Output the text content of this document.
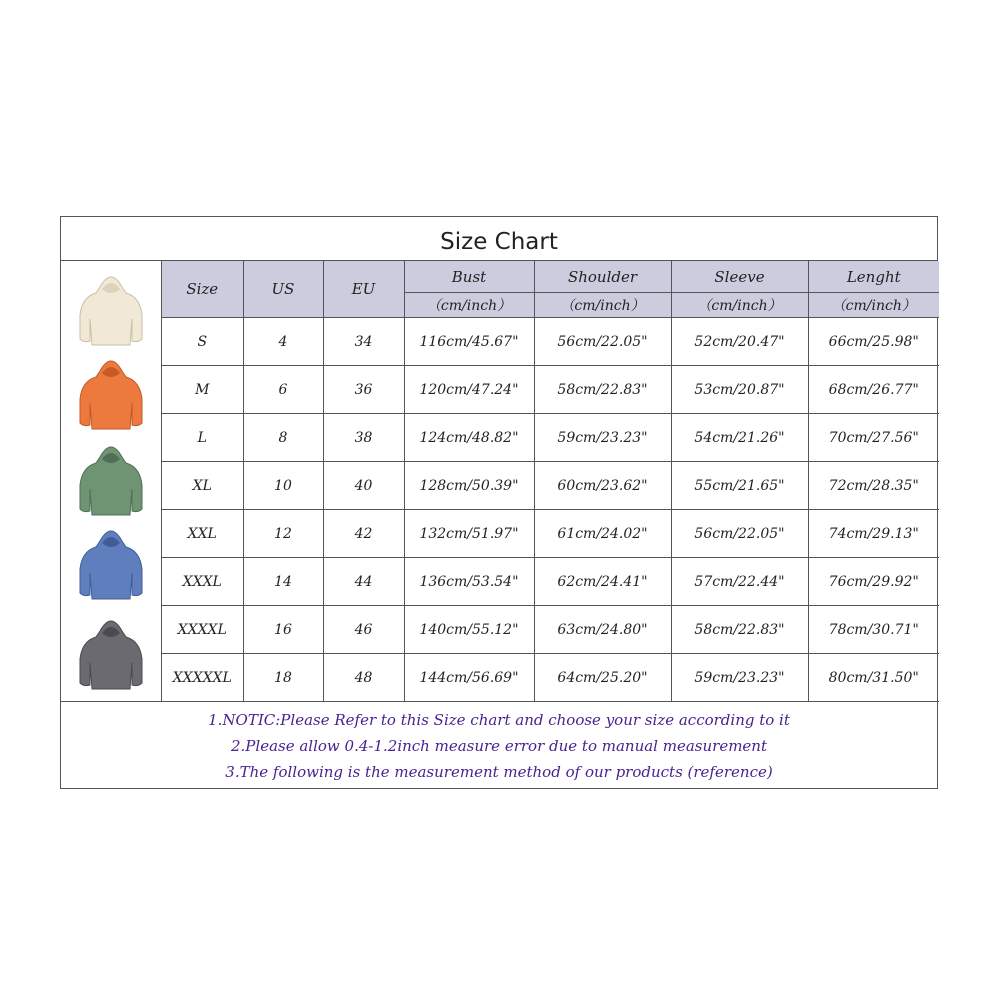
Size Chart
Size	US	EU	Bust	Shoulder	Sleeve	Lenght
			（cm/inch）	（cm/inch）	（cm/inch）	（cm/inch）
S	4	34	116cm/45.67"	56cm/22.05"	52cm/20.47"	66cm/25.98"
M	6	36	120cm/47.24"	58cm/22.83"	53cm/20.87"	68cm/26.77"
L	8	38	124cm/48.82"	59cm/23.23"	54cm/21.26"	70cm/27.56"
XL	10	40	128cm/50.39"	60cm/23.62"	55cm/21.65"	72cm/28.35"
XXL	12	42	132cm/51.97"	61cm/24.02"	56cm/22.05"	74cm/29.13"
XXXL	14	44	136cm/53.54"	62cm/24.41"	57cm/22.44"	76cm/29.92"
XXXXL	16	46	140cm/55.12"	63cm/24.80"	58cm/22.83"	78cm/30.71"
XXXXXL	18	48	144cm/56.69"	64cm/25.20"	59cm/23.23"	80cm/31.50"
1.NOTIC:Please Refer to this Size chart and choose your size according to it
2.Please allow 0.4-1.2inch measure error due to manual measurement
3.The following is the measurement method of our products (reference)
